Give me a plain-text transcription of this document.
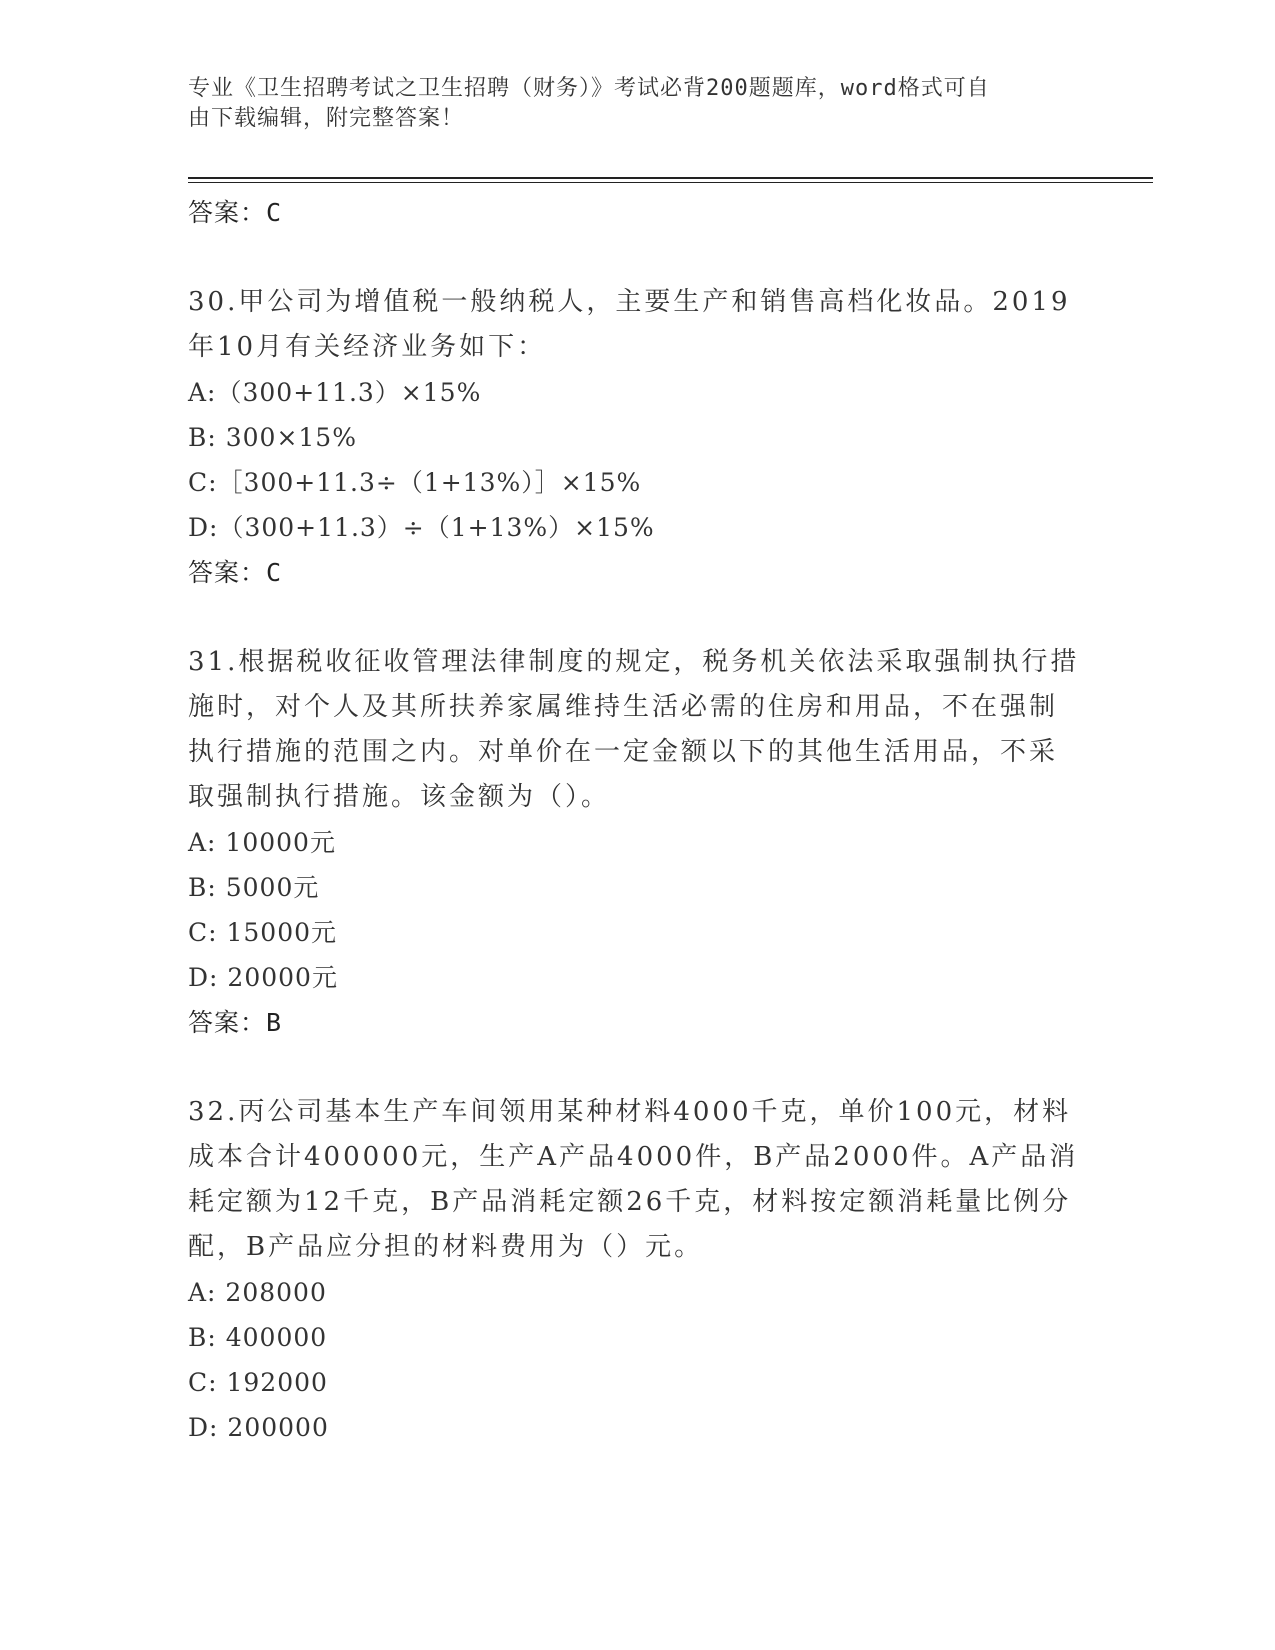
专业《卫生招聘考试之卫生招聘（财务）》考试必背200题题库，word格式可自
由下载编辑，附完整答案！
答案：C
30.甲公司为增值税一般纳税人，主要生产和销售高档化妆品。2019
年10月有关经济业务如下：
A:（300+11.3）×15%
B: 300×15%
C:［300+11.3÷（1+13%）］×15%
D:（300+11.3）÷（1+13%）×15%
答案：C
31.根据税收征收管理法律制度的规定，税务机关依法采取强制执行措
施时，对个人及其所扶养家属维持生活必需的住房和用品，不在强制
执行措施的范围之内。对单价在一定金额以下的其他生活用品，不采
取强制执行措施。该金额为（）。
A: 10000元
B: 5000元
C: 15000元
D: 20000元
答案：B
32.丙公司基本生产车间领用某种材料4000千克，单价100元，材料
成本合计400000元，生产A产品4000件，B产品2000件。A产品消
耗定额为12千克，B产品消耗定额26千克，材料按定额消耗量比例分
配，B产品应分担的材料费用为（）元。
A: 208000
B: 400000
C: 192000
D: 200000
